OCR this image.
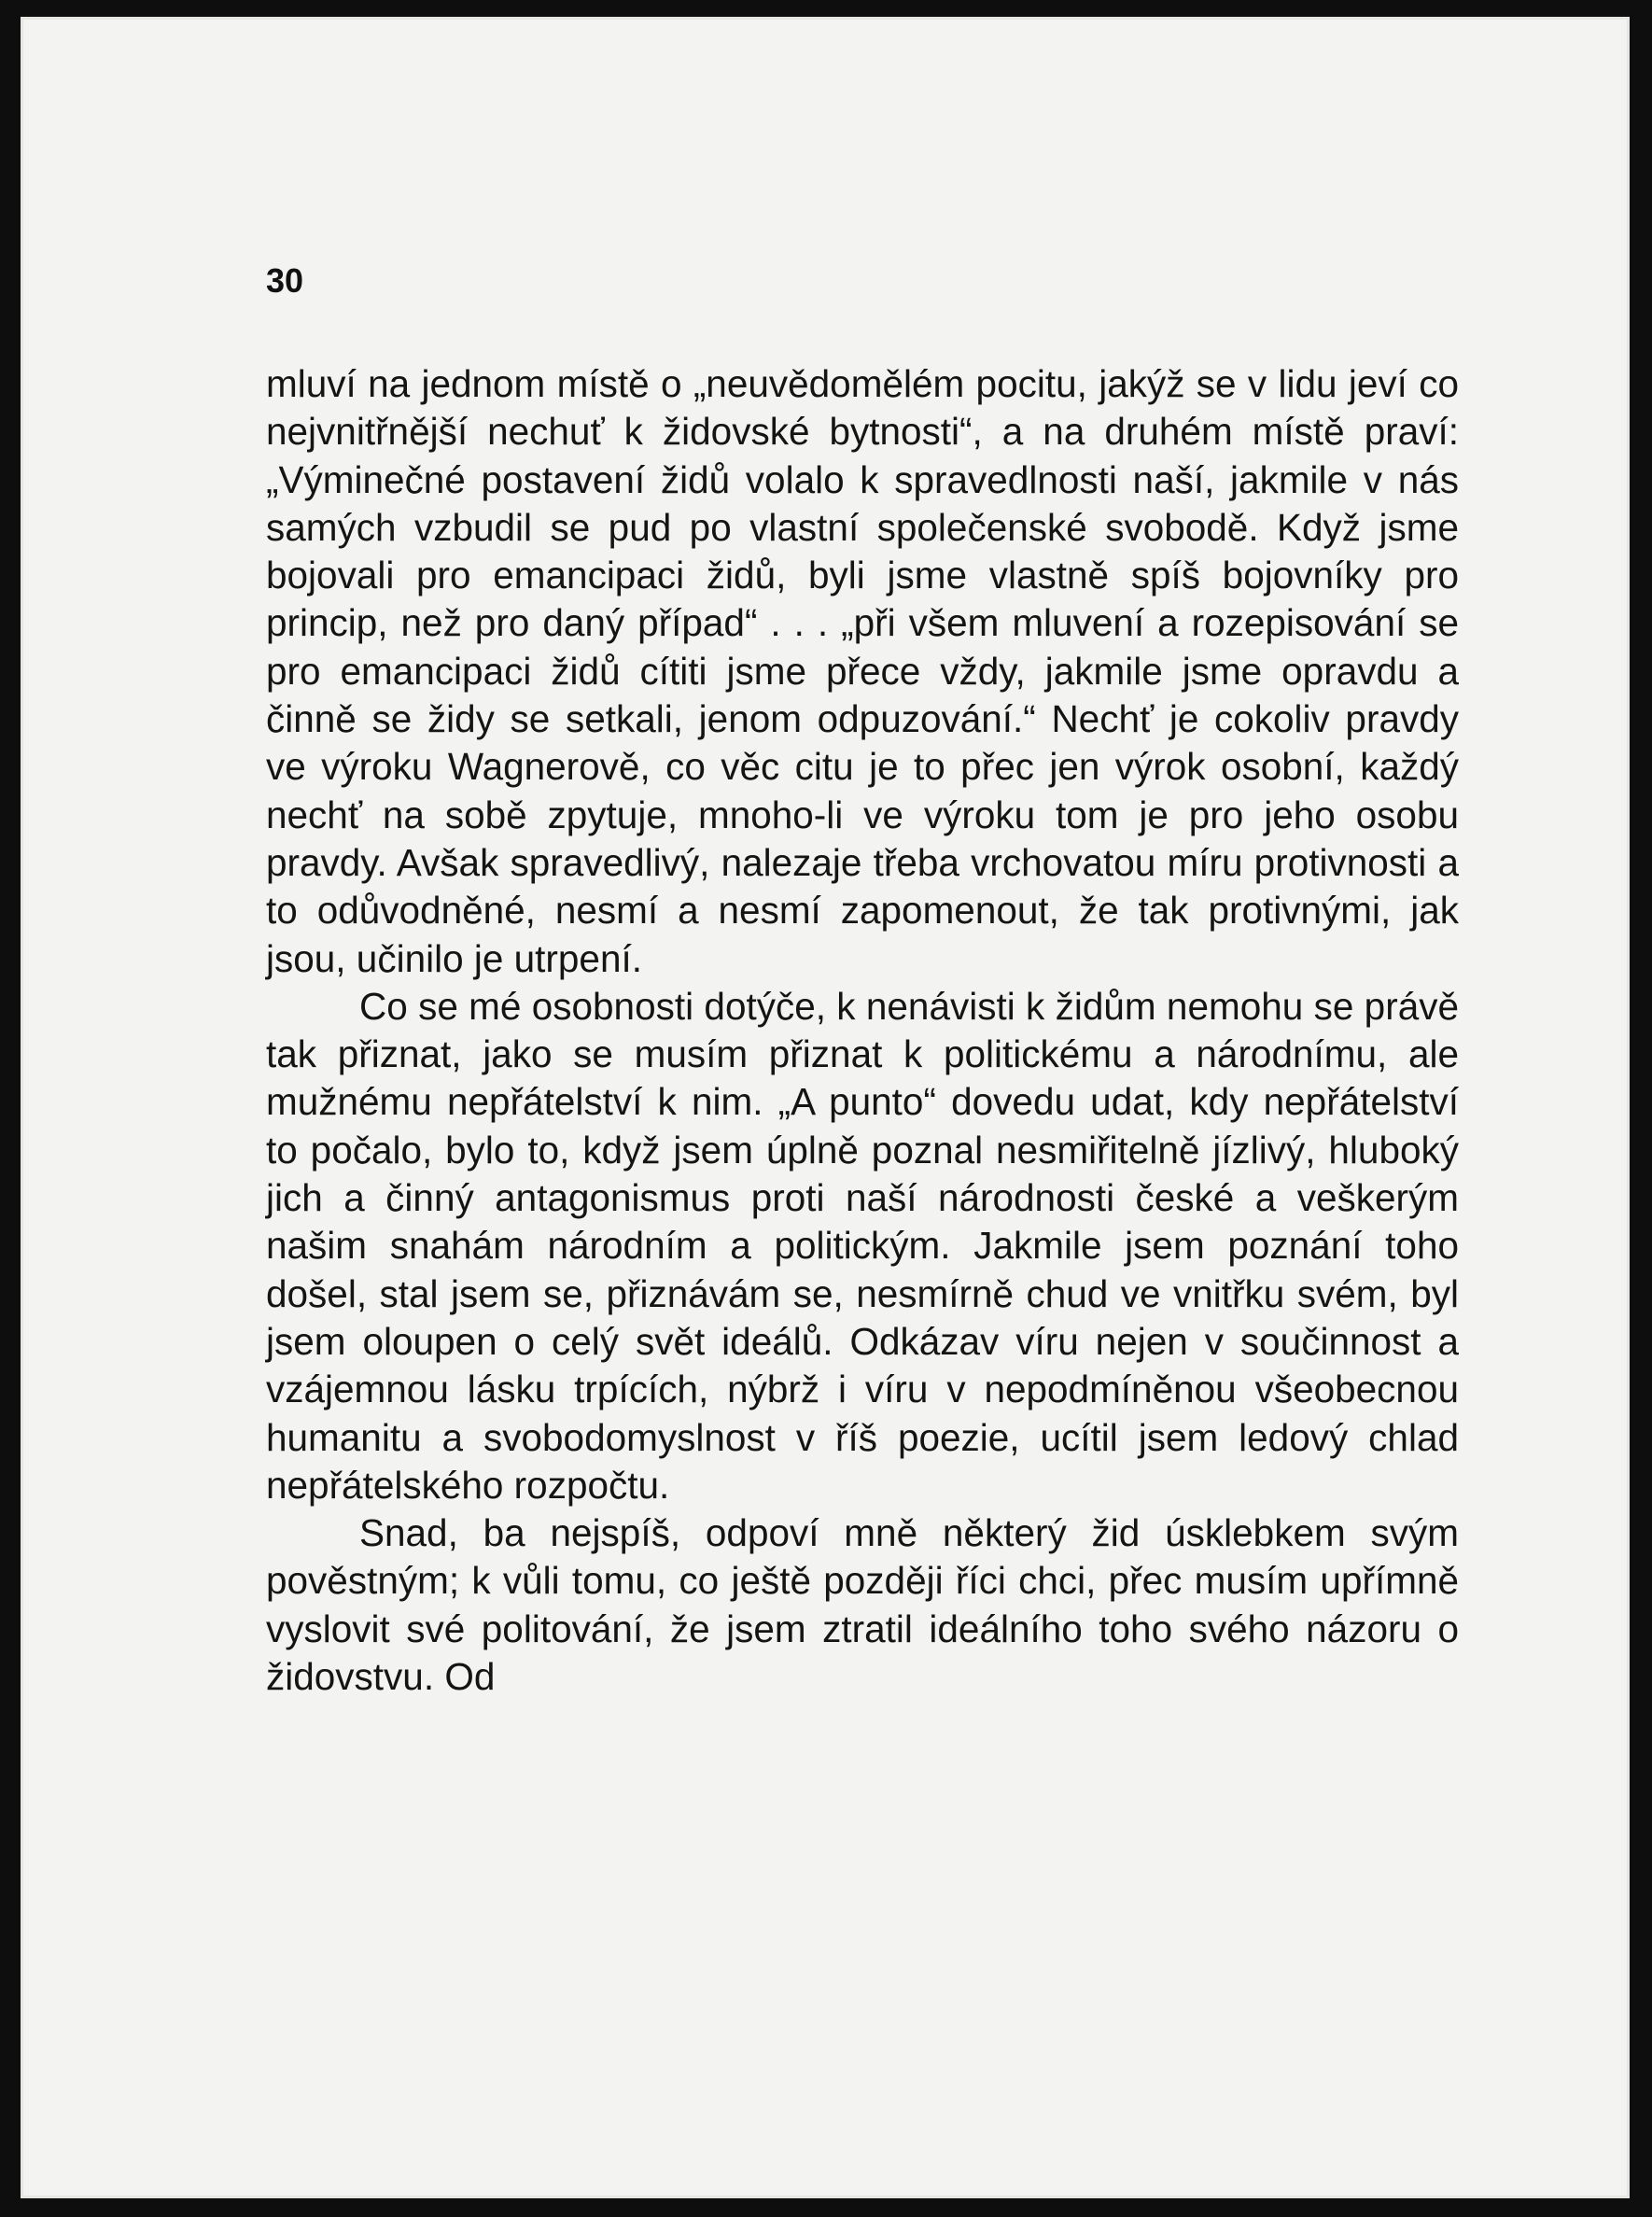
30

mluví na jednom místě o „neuvědomělém pocitu, jakýž se v lidu jeví co nejvnitřnější nechuť k židovské bytnosti“, a na druhém místě praví: „Výminečné postavení židů volalo k spravedlnosti naší, jakmile v nás samých vzbudil se pud po vlastní společenské svobodě. Když jsme bojovali pro emancipaci židů, byli jsme vlastně spíš bojovníky pro princip, než pro daný případ“ . . . „při všem mluvení a rozepisování se pro emancipaci židů cítiti jsme přece vždy, jakmile jsme opravdu a činně se židy se setkali, jenom odpuzování.“ Nechť je cokoliv pravdy ve výroku Wagnerově, co věc citu je to přec jen výrok osobní, každý nechť na sobě zpytuje, mnoho-li ve výroku tom je pro jeho osobu pravdy. Avšak spravedlivý, nalezaje třeba vrchovatou míru protivnosti a to odůvodněné, nesmí a nesmí zapomenout, že tak protivnými, jak jsou, učinilo je utrpení.

Co se mé osobnosti dotýče, k nenávisti k židům nemohu se právě tak přiznat, jako se musím přiznat k politickému a národnímu, ale mužnému nepřátelství k nim. „A punto“ dovedu udat, kdy nepřátelství to počalo, bylo to, když jsem úplně poznal nesmiřitelně jízlivý, hluboký jich a činný antagonismus proti naší národnosti české a veškerým našim snahám národním a politickým. Jakmile jsem poznání toho došel, stal jsem se, přiznávám se, nesmírně chud ve vnitřku svém, byl jsem oloupen o celý svět ideálů. Odkázav víru nejen v součinnost a vzájemnou lásku trpících, nýbrž i víru v nepodmíněnou všeobecnou humanitu a svobodomyslnost v říš poezie, ucítil jsem ledový chlad nepřátelského rozpočtu.

Snad, ba nejspíš, odpoví mně některý žid úsklebkem svým pověstným; k vůli tomu, co ještě později říci chci, přec musím upřímně vyslovit své politování, že jsem ztratil ideálního toho svého názoru o židovstvu. Od
